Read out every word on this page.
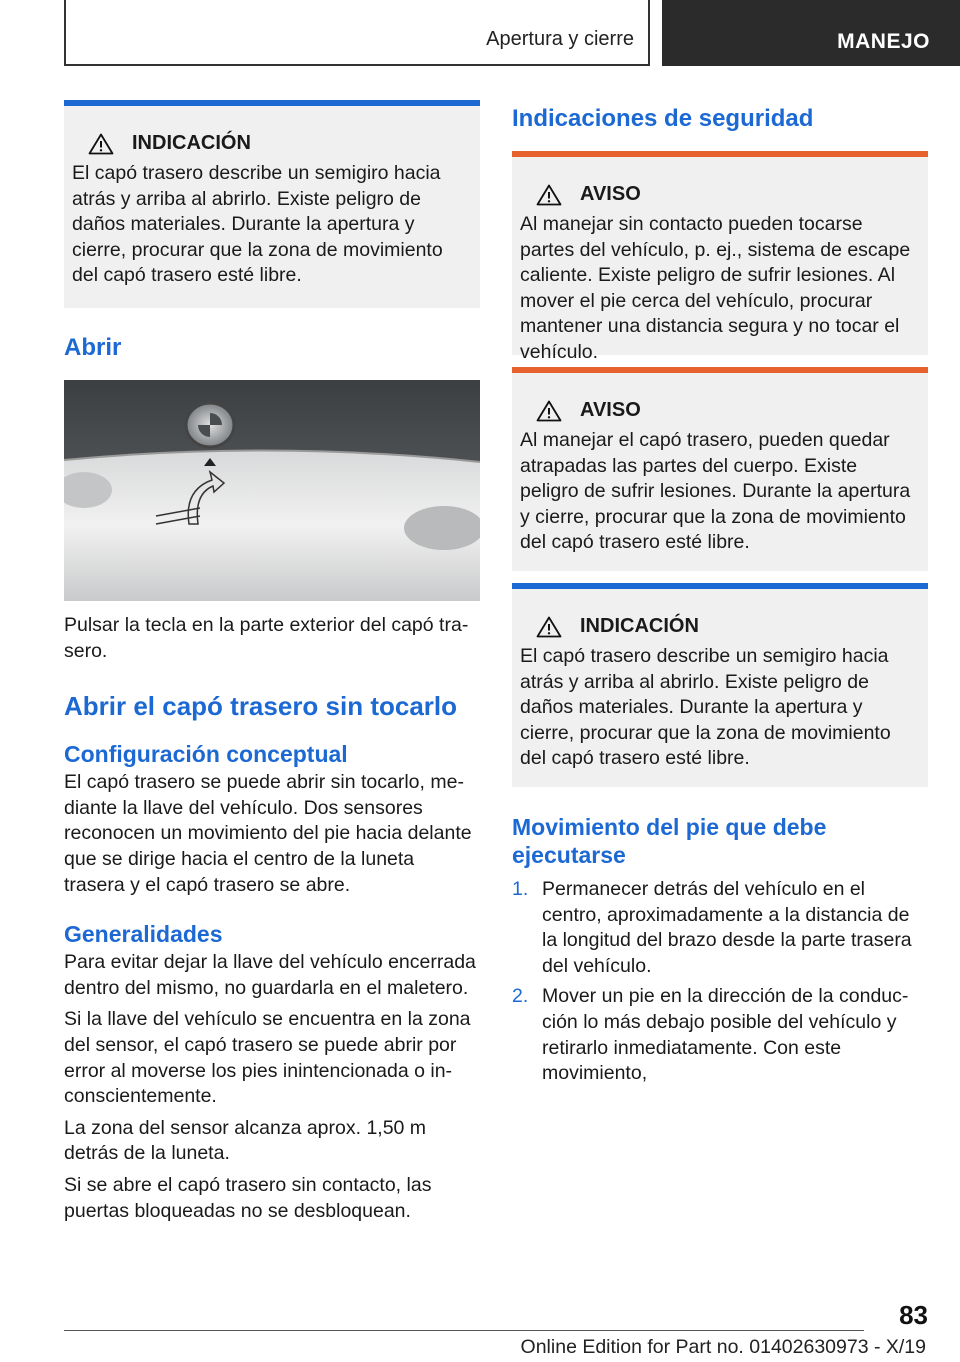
Apertura y cierre	MANEJO
INDICACIÓN
El capó trasero describe un semigiro hacia atrás y arriba al abrirlo. Existe peligro de daños materiales. Durante la apertura y cierre, procurar que la zona de movimiento del capó trasero esté libre.
Abrir

Pulsar la tecla en la parte exterior del capó trasero.

Abrir el capó trasero sin tocarlo
Configuración conceptual

El capó trasero se puede abrir sin tocarlo, mediante la llave del vehículo. Dos sensores reconocen un movimiento del pie hacia delante que se dirige hacia el centro de la luneta trasera y el capó trasero se abre.

Generalidades

Para evitar dejar la llave del vehículo encerrada dentro del mismo, no guardarla en el maletero.

Si la llave del vehículo se encuentra en la zona del sensor, el capó trasero se puede abrir por error al moverse los pies inintencionada o inconscientemente.

La zona del sensor alcanza aprox. 1,50 m detrás de la luneta.

Si se abre el capó trasero sin contacto, las puertas bloqueadas no se desbloquean.

Indicaciones de seguridad
AVISO
Al manejar sin contacto pueden tocarse partes del vehículo, p. ej., sistema de escape caliente. Existe peligro de sufrir lesiones. Al mover el pie cerca del vehículo, procurar mantener una distancia segura y no tocar el vehículo.
AVISO
Al manejar el capó trasero, pueden quedar atrapadas las partes del cuerpo. Existe peligro de sufrir lesiones. Durante la apertura y cierre, procurar que la zona de movimiento del capó trasero esté libre.
INDICACIÓN
El capó trasero describe un semigiro hacia atrás y arriba al abrirlo. Existe peligro de daños materiales. Durante la apertura y cierre, procurar que la zona de movimiento del capó trasero esté libre.
Movimiento del pie que debe ejecutarse
1. Permanecer detrás del vehículo en el centro, aproximadamente a la distancia de la longitud del brazo desde la parte trasera del vehículo.
2. Mover un pie en la dirección de la conducción lo más debajo posible del vehículo y retirarlo inmediatamente. Con este movimiento,
83
Online Edition for Part no. 01402630973 - X/19
